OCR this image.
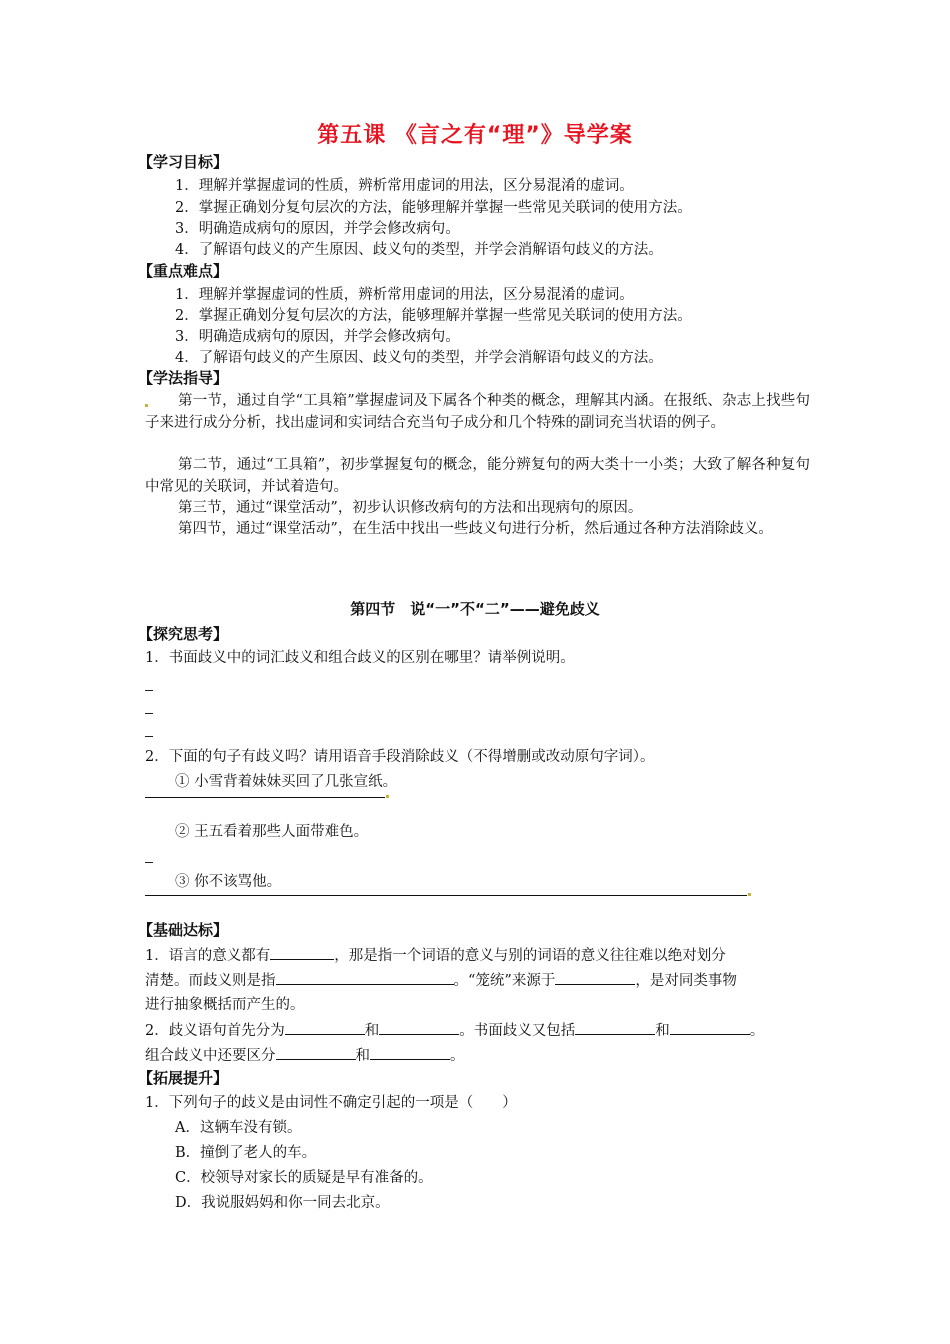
第五课 《言之有“理”》导学案
【学习目标】
1．理解并掌握虚词的性质，辨析常用虚词的用法，区分易混淆的虚词。
2．掌握正确划分复句层次的方法，能够理解并掌握一些常见关联词的使用方法。
3．明确造成病句的原因，并学会修改病句。
4．了解语句歧义的产生原因、歧义句的类型，并学会消解语句歧义的方法。
【重点难点】
1．理解并掌握虚词的性质，辨析常用虚词的用法，区分易混淆的虚词。
2．掌握正确划分复句层次的方法，能够理解并掌握一些常见关联词的使用方法。
3．明确造成病句的原因，并学会修改病句。
4．了解语句歧义的产生原因、歧义句的类型，并学会消解语句歧义的方法。
【学法指导】
第一节，通过自学“工具箱”掌握虚词及下属各个种类的概念，理解其内涵。在报纸、杂志上找些句子来进行成分分析，找出虚词和实词结合充当句子成分和几个特殊的副词充当状语的例子。
第二节，通过“工具箱”，初步掌握复句的概念，能分辨复句的两大类十一小类；大致了解各种复句中常见的关联词，并试着造句。
第三节，通过“课堂活动”，初步认识修改病句的方法和出现病句的原因。
第四节，通过“课堂活动”，在生活中找出一些歧义句进行分析，然后通过各种方法消除歧义。
第四节　说“一”不“二”——避免歧义
【探究思考】
1．书面歧义中的词汇歧义和组合歧义的区别在哪里？请举例说明。
2．下面的句子有歧义吗？请用语音手段消除歧义（不得增删或改动原句字词）。
① 小雪背着妹妹买回了几张宣纸。
② 王五看着那些人面带难色。
③ 你不该骂他。
【基础达标】
1．语言的意义都有	，那是指一个词语的意义与别的词语的意义往往难以绝对划分
清楚。而歧义则是指	。“笼统”来源于	，是对同类事物
进行抽象概括而产生的。
2．歧义语句首先分为	和	。书面歧义又包括	和	。
组合歧义中还要区分	和	。
【拓展提升】
1．下列句子的歧义是由词性不确定引起的一项是（　　）
A．这辆车没有锁。
B．撞倒了老人的车。
C．校领导对家长的质疑是早有准备的。
D．我说服妈妈和你一同去北京。
